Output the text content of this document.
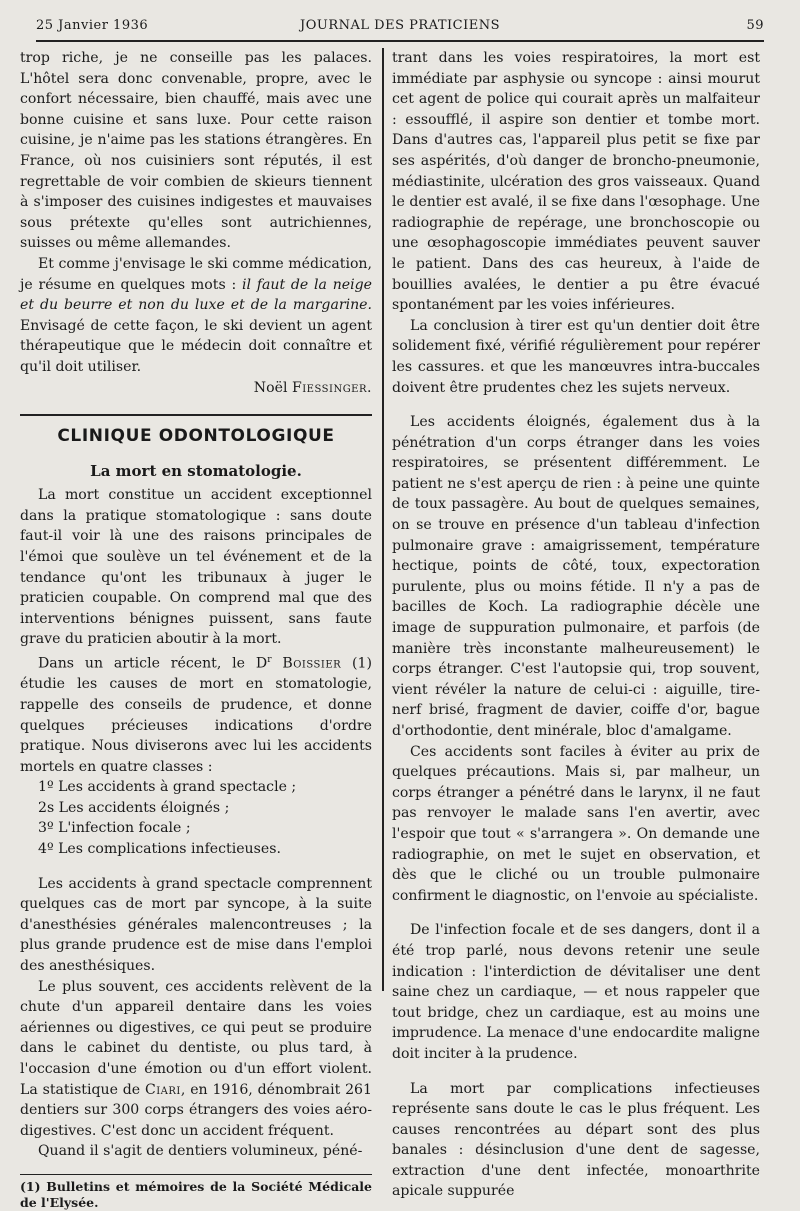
25 Janvier 1936	JOURNAL DES PRATICIENS	59

trop riche, je ne conseille pas les palaces. L'hôtel sera donc convenable, propre, avec le confort nécessaire, bien chauffé, mais avec une bonne cuisine et sans luxe. Pour cette raison cuisine, je n'aime pas les stations étrangères. En France, où nos cuisiniers sont réputés, il est regrettable de voir combien de skieurs tiennent à s'imposer des cuisines indigestes et mauvaises sous prétexte qu'elles sont autrichiennes, suisses ou même allemandes.

Et comme j'envisage le ski comme médication, je résume en quelques mots : il faut de la neige et du beurre et non du luxe et de la margarine. Envisagé de cette façon, le ski devient un agent thérapeutique que le médecin doit connaître et qu'il doit utiliser.

Noël Fiessinger.
CLINIQUE ODONTOLOGIQUE
La mort en stomatologie.

La mort constitue un accident exceptionnel dans la pratique stomatologique : sans doute faut-il voir là une des raisons principales de l'émoi que soulève un tel événement et de la tendance qu'ont les tribunaux à juger le praticien coupable. On comprend mal que des interventions bénignes puissent, sans faute grave du praticien aboutir à la mort.

Dans un article récent, le $D^r$ Boissier (1) étudie les causes de mort en stomatologie, rappelle des conseils de prudence, et donne quelques précieuses indications d'ordre pratique. Nous diviserons avec lui les accidents mortels en quatre classes :

1º Les accidents à grand spectacle ;

2s Les accidents éloignés ;

3º L'infection focale ;

4º Les complications infectieuses.

Les accidents à grand spectacle comprennent quelques cas de mort par syncope, à la suite d'anesthésies générales malencontreuses ; la plus grande prudence est de mise dans l'emploi des anesthésiques.

Le plus souvent, ces accidents relèvent de la chute d'un appareil dentaire dans les voies aériennes ou digestives, ce qui peut se produire dans le cabinet du dentiste, ou plus tard, à l'occasion d'une émotion ou d'un effort violent. La statistique de Ciari, en 1916, dénombrait 261 dentiers sur 300 corps étrangers des voies aéro-digestives. C'est donc un accident fréquent.

Quand il s'agit de dentiers volumineux, péné-

(1) Bulletins et mémoires de la Société Médicale de l'Elysée.

trant dans les voies respiratoires, la mort est immédiate par asphysie ou syncope : ainsi mourut cet agent de police qui courait après un malfaiteur : essoufflé, il aspire son dentier et tombe mort. Dans d'autres cas, l'appareil plus petit se fixe par ses aspérités, d'où danger de broncho-pneumonie, médiastinite, ulcération des gros vaisseaux. Quand le dentier est avalé, il se fixe dans l'œsophage. Une radiographie de repérage, une bronchoscopie ou une œsophagoscopie immédiates peuvent sauver le patient. Dans des cas heureux, à l'aide de bouillies avalées, le dentier a pu être évacué spontanément par les voies inférieures.

La conclusion à tirer est qu'un dentier doit être solidement fixé, vérifié régulièrement pour repérer les cassures. et que les manœuvres intra-buccales doivent être prudentes chez les sujets nerveux.

Les accidents éloignés, également dus à la pénétration d'un corps étranger dans les voies respiratoires, se présentent différemment. Le patient ne s'est aperçu de rien : à peine une quinte de toux passagère. Au bout de quelques semaines, on se trouve en présence d'un tableau d'infection pulmonaire grave : amaigrissement, température hectique, points de côté, toux, expectoration purulente, plus ou moins fétide. Il n'y a pas de bacilles de Koch. La radiographie décèle une image de suppuration pulmonaire, et parfois (de manière très inconstante malheureusement) le corps étranger. C'est l'autopsie qui, trop souvent, vient révéler la nature de celui-ci : aiguille, tire-nerf brisé, fragment de davier, coiffe d'or, bague d'orthodontie, dent minérale, bloc d'amalgame.

Ces accidents sont faciles à éviter au prix de quelques précautions. Mais si, par malheur, un corps étranger a pénétré dans le larynx, il ne faut pas renvoyer le malade sans l'en avertir, avec l'espoir que tout « s'arrangera ». On demande une radiographie, on met le sujet en observation, et dès que le cliché ou un trouble pulmonaire confirment le diagnostic, on l'envoie au spécialiste.

De l'infection focale et de ses dangers, dont il a été trop parlé, nous devons retenir une seule indication : l'interdiction de dévitaliser une dent saine chez un cardiaque, — et nous rappeler que tout bridge, chez un cardiaque, est au moins une imprudence. La menace d'une endocardite maligne doit inciter à la prudence.

La mort par complications infectieuses représente sans doute le cas le plus fréquent. Les causes rencontrées au départ sont des plus banales : désinclusion d'une dent de sagesse, extraction d'une dent infectée, monoarthrite apicale suppurée
